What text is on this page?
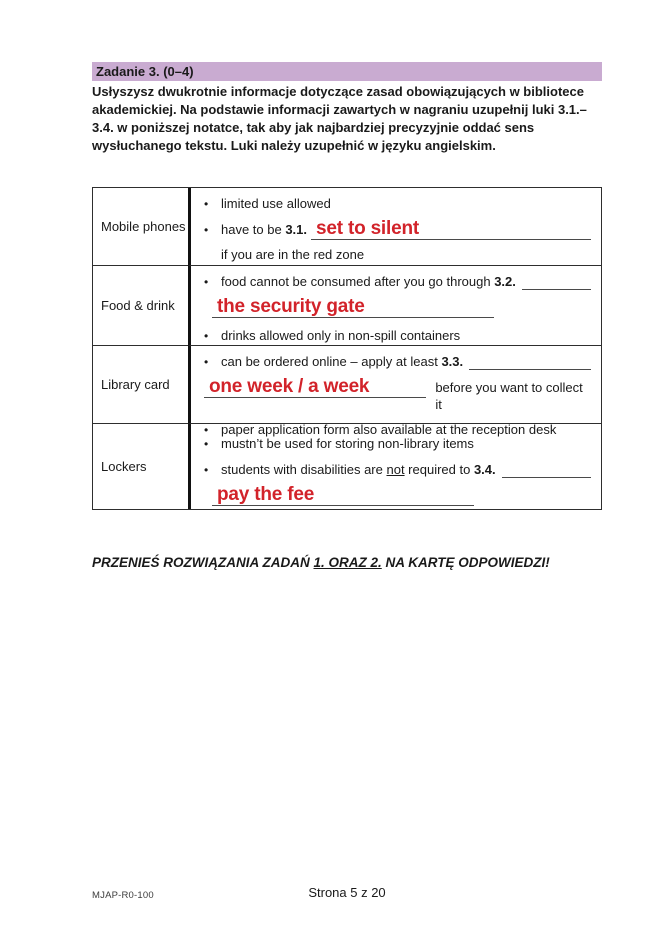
Zadanie 3. (0–4)
Usłyszysz dwukrotnie informacje dotyczące zasad obowiązujących w bibliotece akademickiej. Na podstawie informacji zawartych w nagraniu uzupełnij luki 3.1.–3.4. w poniższej notatce, tak aby jak najbardziej precyzyjnie oddać sens wysłuchanego tekstu. Luki należy uzupełnić w języku angielskim.
Mobile phones
• limited use allowed
• have to be 3.1. set to silent
if you are in the red zone
Food & drink
• food cannot be consumed after you go through 3.2.
the security gate
• drinks allowed only in non-spill containers
Library card
• can be ordered online – apply at least 3.3.
one week / a week	before you want to collect it
• paper application form also available at the reception desk
Lockers
• mustn’t be used for storing non-library items
• students with disabilities are not required to 3.4.
pay the fee
PRZENIEŚ ROZWIĄZANIA ZADAŃ 1. ORAZ 2. NA KARTĘ ODPOWIEDZI!
MJAP-R0-100	Strona 5 z 20
